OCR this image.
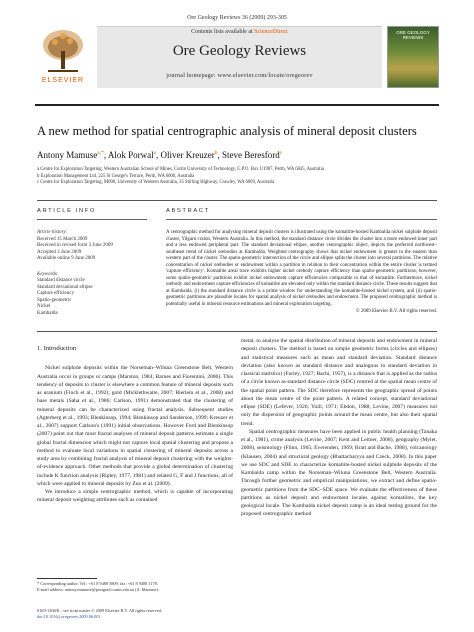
Ore Geology Reviews 36 (2009) 293-305
ELSEVIER
Contents lists available at ScienceDirect
Ore Geology Reviews
journal homepage: www.elsevier.com/locate/oregeorev
ORE GEOLOGY REVIEWS
A new method for spatial centrographic analysis of mineral deposit clusters
Antony Mamuse$^{a,*}$, Alok Porwal$^a$, Oliver Kreuzer$^b$, Steve Beresford$^c$
a Centre for Exploration Targeting, Western Australian School of Mines, Curtin University of Technology, G.P.O. Box U1987, Perth, WA 6845, Australia
b Exploration Management Ltd, 225 St George's Terrace, Perth, WA 6000, Australia
c Centre for Exploration Targeting, M006, University of Western Australia, 35 Stirling Highway, Crawley, WA 6009, Australia
ARTICLE INFO	ABSTRACT
Article history:
Received 15 March 2009
Received in revised form 3 June 2009
Accepted 3 June 2009
Available online 9 June 2009
Keywords:
Standard distance circle
Standard deviational ellipse
Capture efficiency
Spatio-geometric
Nickel
Kambalda
A centrographic method for analysing mineral deposit clusters is illustrated using the komatiite-hosted Kambalda nickel sulphide deposit cluster, Yilgarn craton, Western Australia. In this method, the standard distance circle divides the cluster into a more endowed inner part and a less endowed peripheral part. The standard deviational ellipse, another centrographic object, depicts the preferred northwest–southeast trend of nickel orebodies at Kambalda. Weighted centrography shows that nickel endowment is greater in the eastern than western part of the cluster. The spatio-geometric intersection of the circle and ellipse splits the cluster into several partitions. The relative concentration of nickel orebodies or endowment within a partition in relation to their concentration within the entire cluster is termed 'capture efficiency'. Komatiite areal trace exhibits higher nickel orebody capture efficiency than spatio-geometric partitions; however, some spatio-geometric partitions exhibit nickel endowment capture efficiencies comparable to that of komatiite. Furthermore, nickel orebody and endowment capture efficiencies of komatiite are elevated only within the standard distance circle. These results suggest that at Kambalda, (i) the standard distance circle is a prime window for understanding the komatiite-hosted nickel system, and (ii) spatio-geometric partitions are plausible locales for spatial analysis of nickel orebodies and endowment. The proposed centrographic method is potentially useful in mineral resource estimations and mineral exploration targeting.
© 2009 Elsevier B.V. All rights reserved.
1. Introduction

Nickel sulphide deposits within the Norseman–Wiluna Greenstone Belt, Western Australia occur in groups or camps (Marston, 1984; Barnes and Fiorentini, 2006). This tendency of deposits to cluster is elsewhere a common feature of mineral deposits such as uranium (Finch et al., 1992); gold (Micklethwaite, 2007; Bierlein et al., 2008) and base metals (Saha et al., 1986; Carlson, 1991) demonstrated that the clustering of mineral deposits can be characterized using fractal analysis. Subsequent studies (Agterberg et al., 1993; Blenkinsop, 1994; Blenkinsop and Sanderson, 1999; Kreuzer et al., 2007) support Carlson's (1991) initial observations. However Ford and Blenkinsop (2007) point out that most fractal analyses of mineral deposit patterns estimate a single global fractal dimension which might not capture local spatial clustering and propose a method to evaluate local variations in spatial clustering of mineral deposits across a study area by combining fractal analysis of mineral deposit clustering with the weights-of-evidence approach. Other methods that provide a global determination of clustering include K function analysis (Ripley, 1977, 1981) and related G, F and J functions, all of which were applied to mineral deposits by Zuo et al. (2009).

We introduce a simple centrographic method, which is capable of incorporating mineral deposit weighting attributes such as contained

metal, to analyse the spatial distribution of mineral deposits and endowment in mineral deposit clusters. The method is based on simple geometric forms (circles and ellipses) and statistical measures such as mean and standard deviation. Standard distance deviation (also known as standard distance and analogous to standard deviation in classical statistics) (Furley, 1927; Bachi, 1957), is a distance that is applied as the radius of a circle known as standard distance circle (SDC) centred at the spatial mean centre of the spatial point pattern. The SDC therefore represents the geographic spread of points about the mean centre of the point pattern. A related concept, standard deviational ellipse (SDE) (Lefever, 1926; Yuill, 1971; Ebdon, 1988; Levine, 2007) measures not only the dispersion of geographic points around the mean centre, but also their spatial trend.

Spatial centrographic measures have been applied in public health planning (Tanaka et al., 1981), crime analysis (Levine, 2007; Kent and Leitner, 2008), geography (Mylet, 2008), seismology (Flinn, 1965; Everenden, 1969; Bratt and Bache, 1988), volcanology (Klausen, 2004) and structural geology (Bhattacharyya and Czeck, 2008). In this paper we use SDC and SDE to characterize komatiite-hosted nickel sulphide deposits of the Kambalda camp within the Norseman–Wiluna Greenstone Belt, Western Australia. Through further geometric and empirical manipulations, we extract and define spatio-geometric partitions from the SDC–SDE space. We evaluate the effectiveness of these partitions as nickel deposit and endowment locales against komatiites, the key geological locale. The Kambalda nickel deposit camp is an ideal testing ground for the proposed centrographic method

* Corresponding author. Tel.: +61 8 9488 5809; fax: +61 8 9488 1178.
E-mail address: antony.mamuse@postgrad.curtin.edu.au (A. Mamuse).
0169-1368/$ – see front matter © 2009 Elsevier B.V. All rights reserved.
doi:10.1016/j.oregeorev.2009.06.001
